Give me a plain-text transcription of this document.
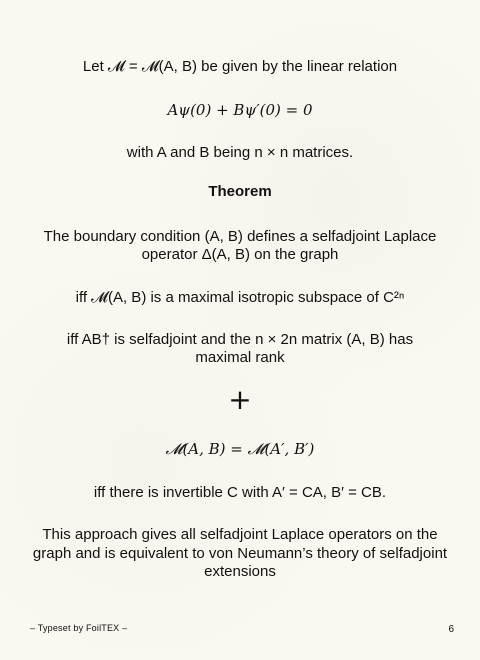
Let 𝓜 = 𝓜(A, B) be given by the linear relation
Aψ(0) + Bψ′(0) = 0
with A and B being n × n matrices.
Theorem
The boundary condition (A, B) defines a selfadjoint Laplace
operator Δ(A, B) on the graph
iff 𝓜(A, B) is a maximal isotropic subspace of C²ⁿ
iff AB† is selfadjoint and the n × 2n matrix (A, B) has
maximal rank
+
𝓜(A, B) = 𝓜(A′, B′)
iff there is invertible C with A′ = CA, B′ = CB.
This approach gives all selfadjoint Laplace operators on the
graph and is equivalent to von Neumann’s theory of selfadjoint
extensions
– Typeset by FoilTEX –	6
